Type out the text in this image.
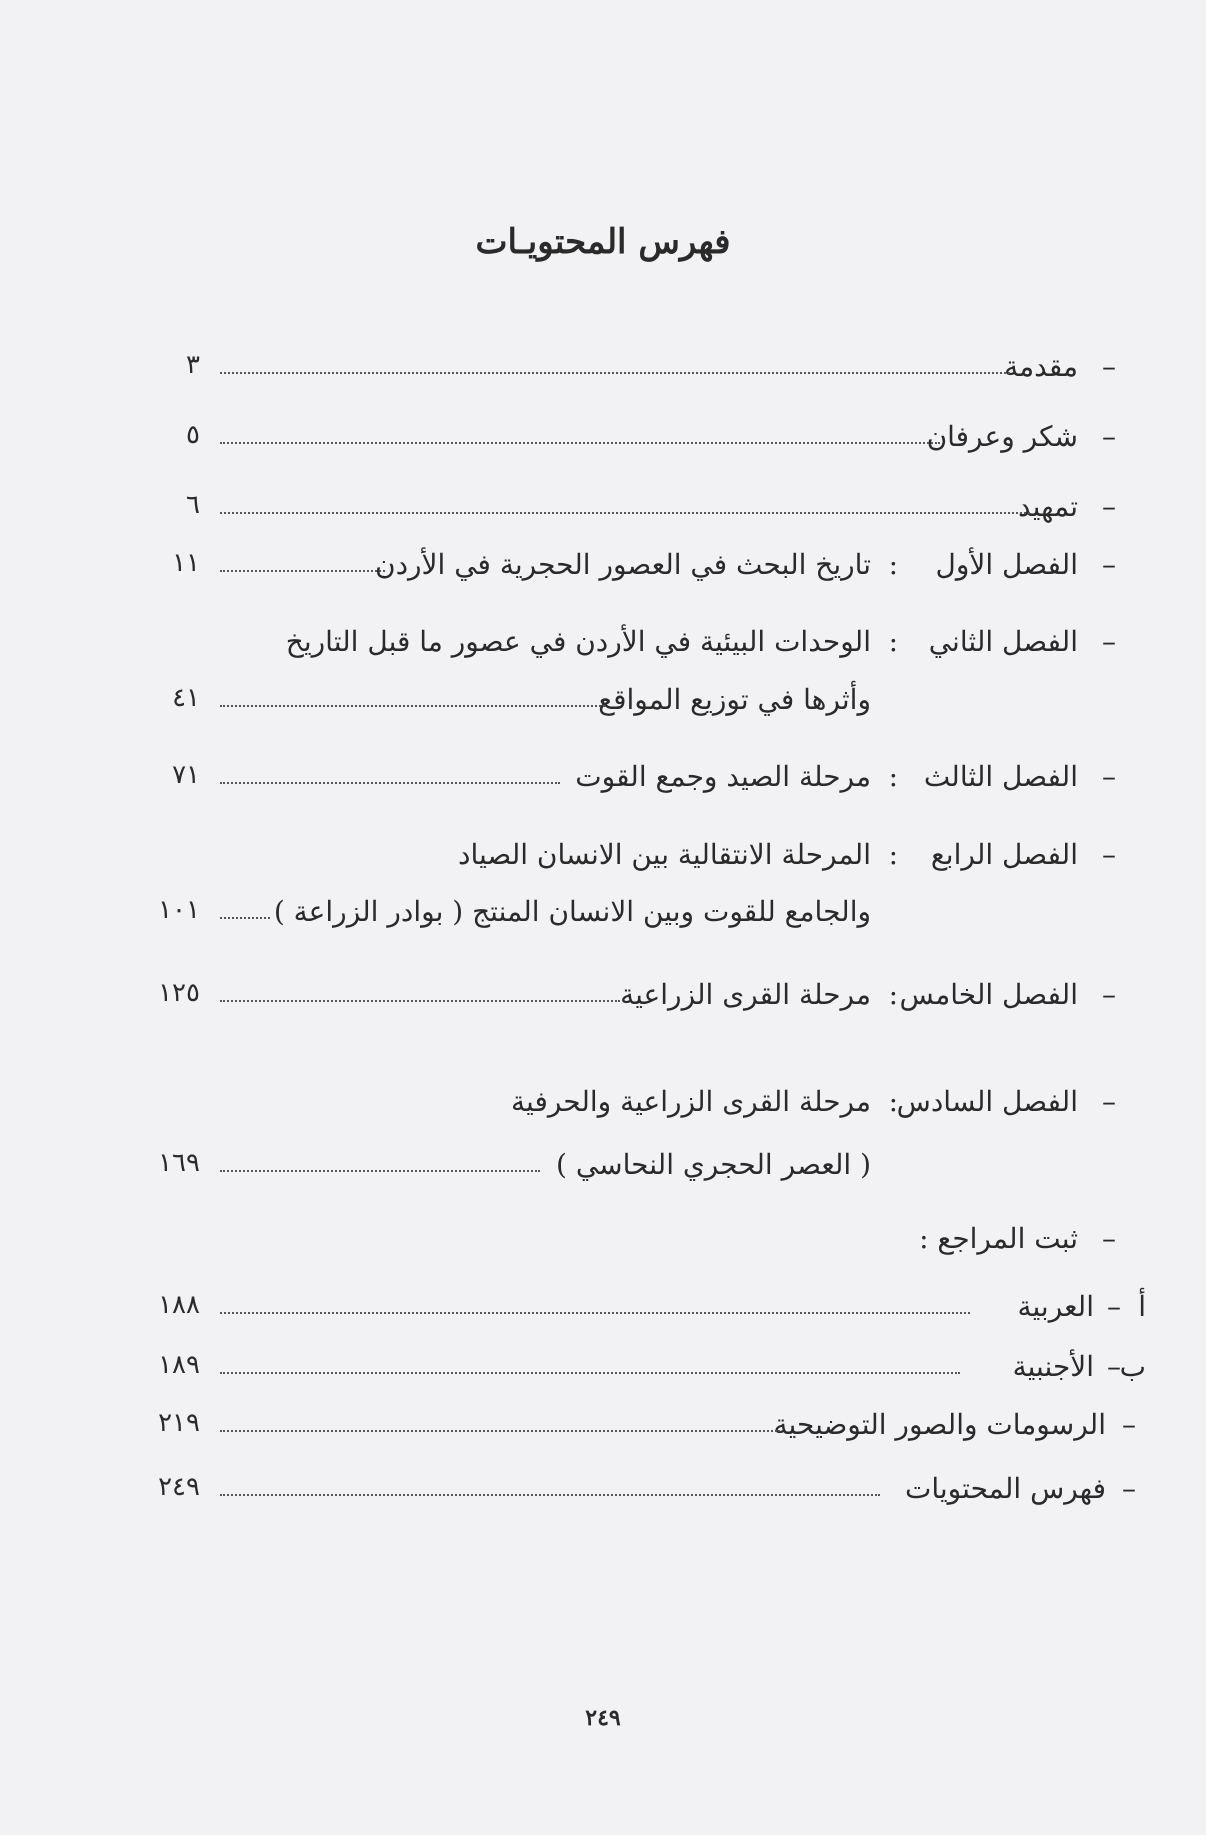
فهرس المحتويـات
–
مقدمة
٣
–
شكر وعرفان
٥
–
تمهيد
٦
–
الفصل الأول
:
تاريخ البحث في العصور الحجرية في الأردن
١١
–
الفصل الثاني
:
الوحدات البيئية في الأردن في عصور ما قبل التاريخ
وأثرها في توزيع المواقع
٤١
–
الفصل الثالث
:
مرحلة الصيد وجمع القوت
٧١
–
الفصل الرابع
:
المرحلة الانتقالية بين الانسان الصياد
والجامع للقوت وبين الانسان المنتج ( بوادر الزراعة )
١٠١
–
الفصل الخامس
:
مرحلة القرى الزراعية
١٢٥
–
الفصل السادس
:
مرحلة القرى الزراعية والحرفية
( العصر الحجري النحاسي )
١٦٩
–
ثبت المراجع :
أ
–
العربية
١٨٨
ب
–
الأجنبية
١٨٩
–
الرسومات والصور التوضيحية
٢١٩
–
فهرس المحتويات
٢٤٩
٢٤٩
